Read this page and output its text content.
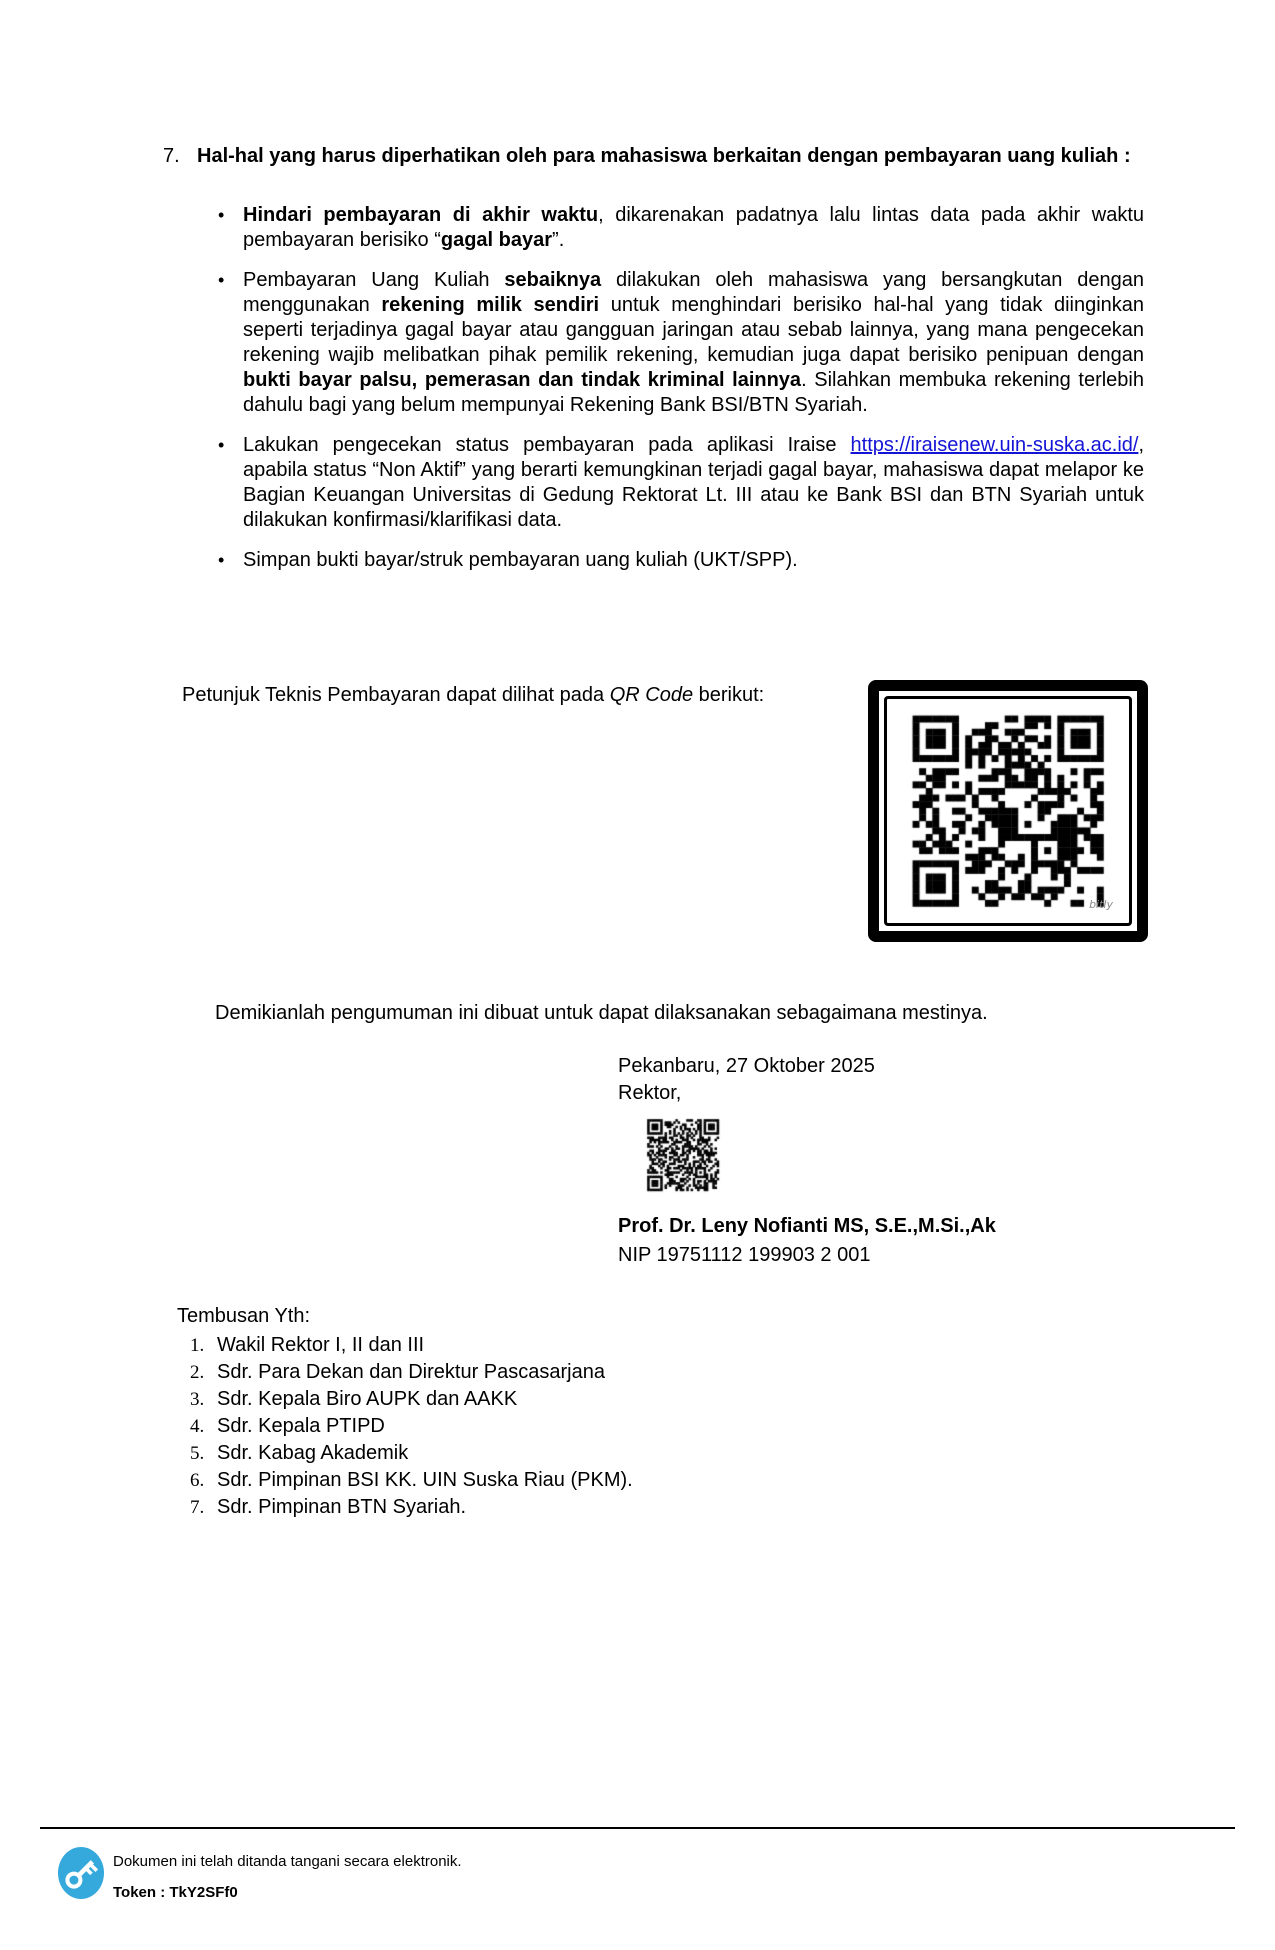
7. Hal-hal yang harus diperhatikan oleh para mahasiswa berkaitan dengan pembayaran uang kuliah :
• Hindari pembayaran di akhir waktu, dikarenakan padatnya lalu lintas data pada akhir waktu pembayaran berisiko “gagal bayar”.
• Pembayaran Uang Kuliah sebaiknya dilakukan oleh mahasiswa yang bersangkutan dengan menggunakan rekening milik sendiri untuk menghindari berisiko hal-hal yang tidak diinginkan seperti terjadinya gagal bayar atau gangguan jaringan atau sebab lainnya, yang mana pengecekan rekening wajib melibatkan pihak pemilik rekening, kemudian juga dapat berisiko penipuan dengan bukti bayar palsu, pemerasan dan tindak kriminal lainnya. Silahkan membuka rekening terlebih dahulu bagi yang belum mempunyai Rekening Bank BSI/BTN Syariah.
• Lakukan pengecekan status pembayaran pada aplikasi Iraise https://iraisenew.uin-suska.ac.id/, apabila status “Non Aktif” yang berarti kemungkinan terjadi gagal bayar, mahasiswa dapat melapor ke Bagian Keuangan Universitas di Gedung Rektorat Lt. III atau ke Bank BSI dan BTN Syariah untuk dilakukan konfirmasi/klarifikasi data.
• Simpan bukti bayar/struk pembayaran uang kuliah (UKT/SPP).
Petunjuk Teknis Pembayaran dapat dilihat pada QR Code berikut:
bitly
Demikianlah pengumuman ini dibuat untuk dapat dilaksanakan sebagaimana mestinya.
Pekanbaru, 27 Oktober 2025
Rektor,
Prof. Dr. Leny Nofianti MS, S.E.,M.Si.,Ak
NIP 19751112 199903 2 001
Tembusan Yth:
1. Wakil Rektor I, II dan III
2. Sdr. Para Dekan dan Direktur Pascasarjana
3. Sdr. Kepala Biro AUPK dan AAKK
4. Sdr. Kepala PTIPD
5. Sdr. Kabag Akademik
6. Sdr. Pimpinan BSI KK. UIN Suska Riau (PKM).
7. Sdr. Pimpinan BTN Syariah.
Dokumen ini telah ditanda tangani secara elektronik.
Token : TkY2SFf0
